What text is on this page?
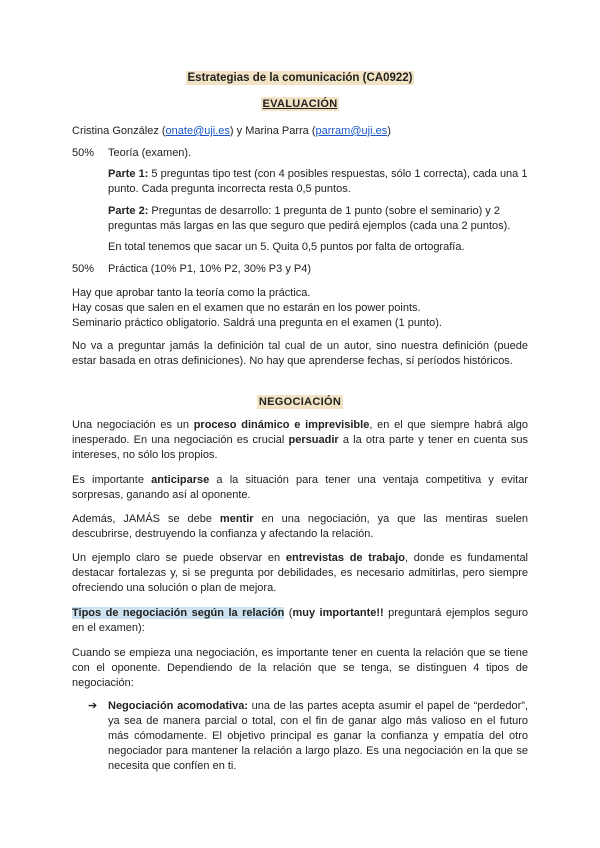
Estrategias de la comunicación (CA0922)
EVALUACIÓN
Cristina González (onate@uji.es) y Marina Parra (parram@uji.es)
50% Teoría (examen).
Parte 1: 5 preguntas tipo test (con 4 posibles respuestas, sólo 1 correcta), cada una 1 punto. Cada pregunta incorrecta resta 0,5 puntos.
Parte 2: Preguntas de desarrollo: 1 pregunta de 1 punto (sobre el seminario) y 2 preguntas más largas en las que seguro que pedirá ejemplos (cada una 2 puntos).
En total tenemos que sacar un 5. Quita 0,5 puntos por falta de ortografía.
50% Práctica (10% P1, 10% P2, 30% P3 y P4)
Hay que aprobar tanto la teoría como la práctica.
Hay cosas que salen en el examen que no estarán en los power points.
Seminario práctico obligatorio. Saldrá una pregunta en el examen (1 punto).
No va a preguntar jamás la definición tal cual de un autor, sino nuestra definición (puede estar basada en otras definiciones). No hay que aprenderse fechas, sí períodos históricos.
NEGOCIACIÓN
Una negociación es un proceso dinámico e imprevisible, en el que siempre habrá algo inesperado. En una negociación es crucial persuadir a la otra parte y tener en cuenta sus intereses, no sólo los propios.
Es importante anticiparse a la situación para tener una ventaja competitiva y evitar sorpresas, ganando así al oponente.
Además, JAMÁS se debe mentir en una negociación, ya que las mentiras suelen descubrirse, destruyendo la confianza y afectando la relación.
Un ejemplo claro se puede observar en entrevistas de trabajo, donde es fundamental destacar fortalezas y, si se pregunta por debilidades, es necesario admitirlas, pero siempre ofreciendo una solución o plan de mejora.
Tipos de negociación según la relación (muy importante!! preguntará ejemplos seguro en el examen):
Cuando se empieza una negociación, es importante tener en cuenta la relación que se tiene con el oponente. Dependiendo de la relación que se tenga, se distinguen 4 tipos de negociación:
➔ Negociación acomodativa: una de las partes acepta asumir el papel de “perdedor”, ya sea de manera parcial o total, con el fin de ganar algo más valioso en el futuro más cómodamente. El objetivo principal es ganar la confianza y empatía del otro negociador para mantener la relación a largo plazo. Es una negociación en la que se necesita que confíen en ti.
